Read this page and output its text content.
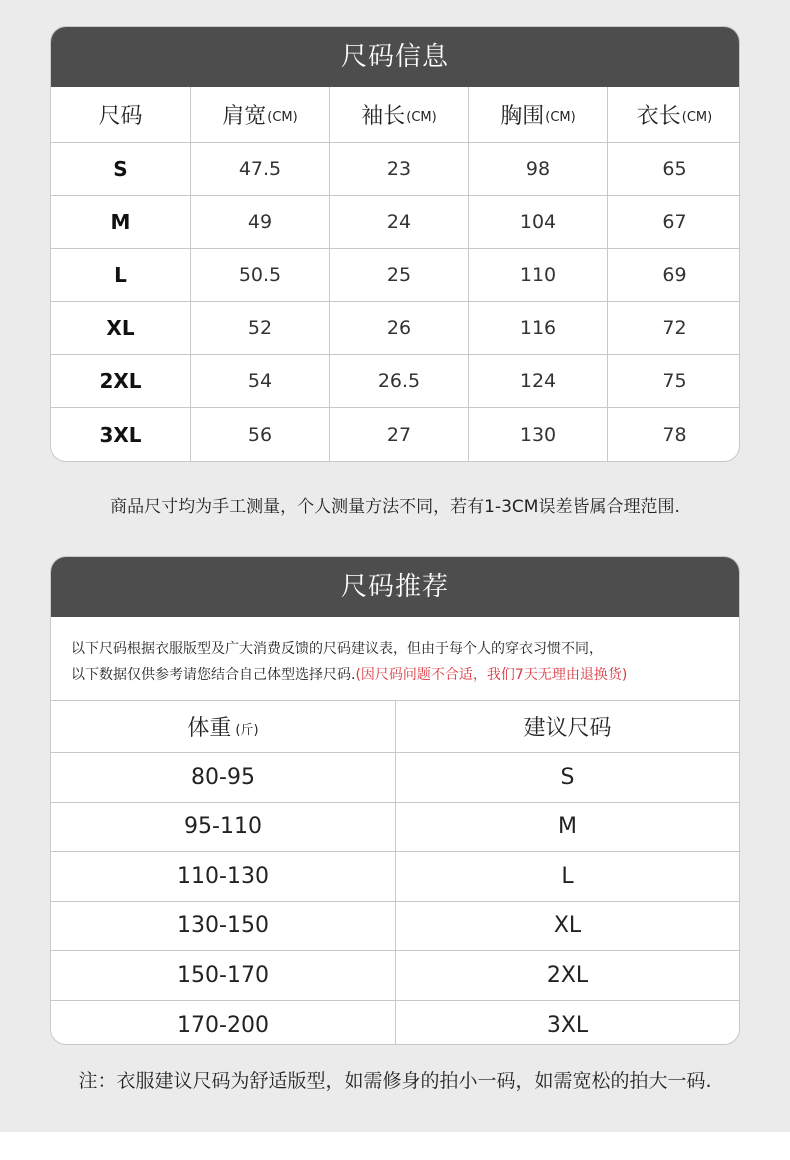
尺码信息
尺码	肩宽 (CM)	袖长 (CM)	胸围 (CM)	衣长 (CM)
S	47.5	23	98	65
M	49	24	104	67
L	50.5	25	110	69
XL	52	26	116	72
2XL	54	26.5	124	75
3XL	56	27	130	78
商品尺寸均为手工测量，个人测量方法不同，若有1-3CM误差皆属合理范围.
尺码推荐
以下尺码根据衣服版型及广大消费反馈的尺码建议表，但由于每个人的穿衣习惯不同，
以下数据仅供参考请您结合自己体型选择尺码.(因尺码问题不合适，我们7天无理由退换货)
体重 (斤)	建议尺码
80-95	S
95-110	M
110-130	L
130-150	XL
150-170	2XL
170-200	3XL
注：衣服建议尺码为舒适版型，如需修身的拍小一码，如需宽松的拍大一码.
